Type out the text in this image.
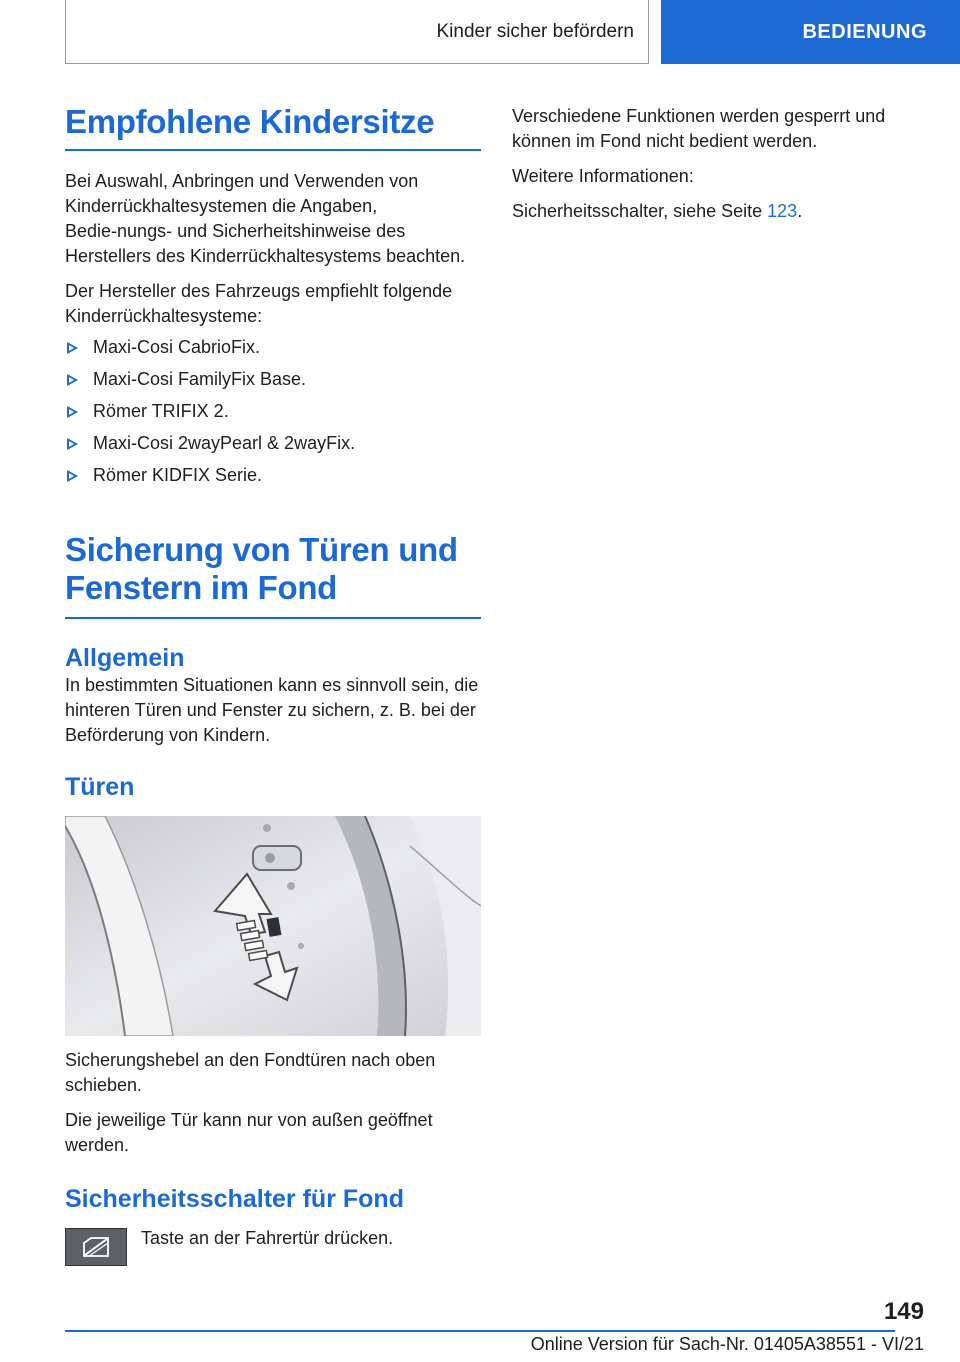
Kinder sicher befördern	BEDIENUNG
Empfohlene Kindersitze

Bei Auswahl, Anbringen und Verwenden von Kinderrückhaltesystemen die Angaben, Bedie‑nungs- und Sicherheitshinweise des Herstellers des Kinderrückhaltesystems beachten.

Der Hersteller des Fahrzeugs empfiehlt folgende Kinderrückhaltesysteme:

Maxi-Cosi CabrioFix.
Maxi-Cosi FamilyFix Base.
Römer TRIFIX 2.
Maxi-Cosi 2wayPearl & 2wayFix.
Römer KIDFIX Serie.
Sicherung von Türen und Fenstern im Fond
Allgemein

In bestimmten Situationen kann es sinnvoll sein, die hinteren Türen und Fenster zu sichern, z. B. bei der Beförderung von Kindern.

Türen

Sicherungshebel an den Fondtüren nach oben schieben.

Die jeweilige Tür kann nur von außen geöffnet werden.

Sicherheitsschalter für Fond

Taste an der Fahrertür drücken.

Verschiedene Funktionen werden gesperrt und können im Fond nicht bedient werden.

Weitere Informationen:

Sicherheitsschalter, siehe Seite 123.

149
Online Version für Sach-Nr. 01405A38551 - VI/21
